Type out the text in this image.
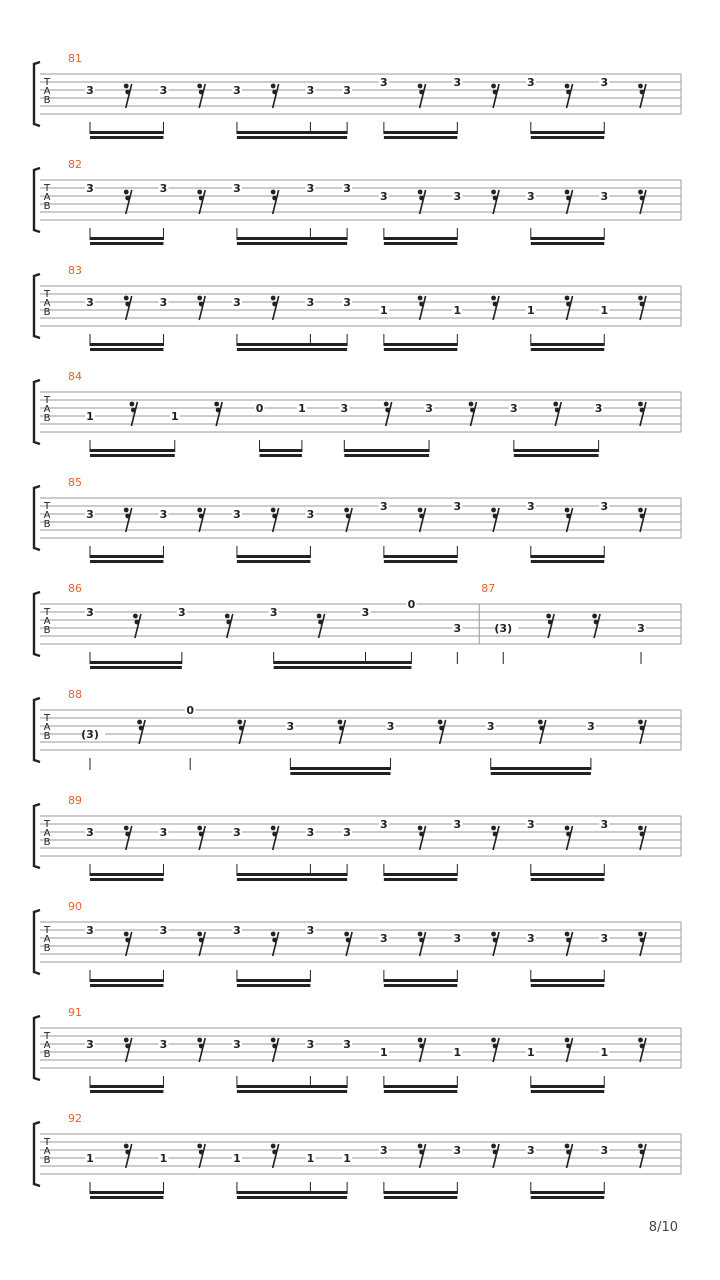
T
A
B
81
3	3	3	3	3
3	3	3	3
T
A
B
82
3	3	3	3	3
3	3	3	3
T
A
B
83
3	3	3	3	3
1	1	1	1
T
A
B
84
1	1
0	1	3	3	3	3
T
A
B
85
3	3	3	3
3	3	3	3
T
A
B
86
3	3	3	3
0
3
87
(3)	3
T
A
B
88
(3)
0
3	3	3	3
T
A
B
89
3	3	3	3	3
3	3	3	3
T
A
B
90
3	3	3	3
3	3	3	3
T
A
B
91
3	3	3	3	3
1	1	1	1
T
A
B
92
1	1	1	1	1
3	3	3	3
8/10
